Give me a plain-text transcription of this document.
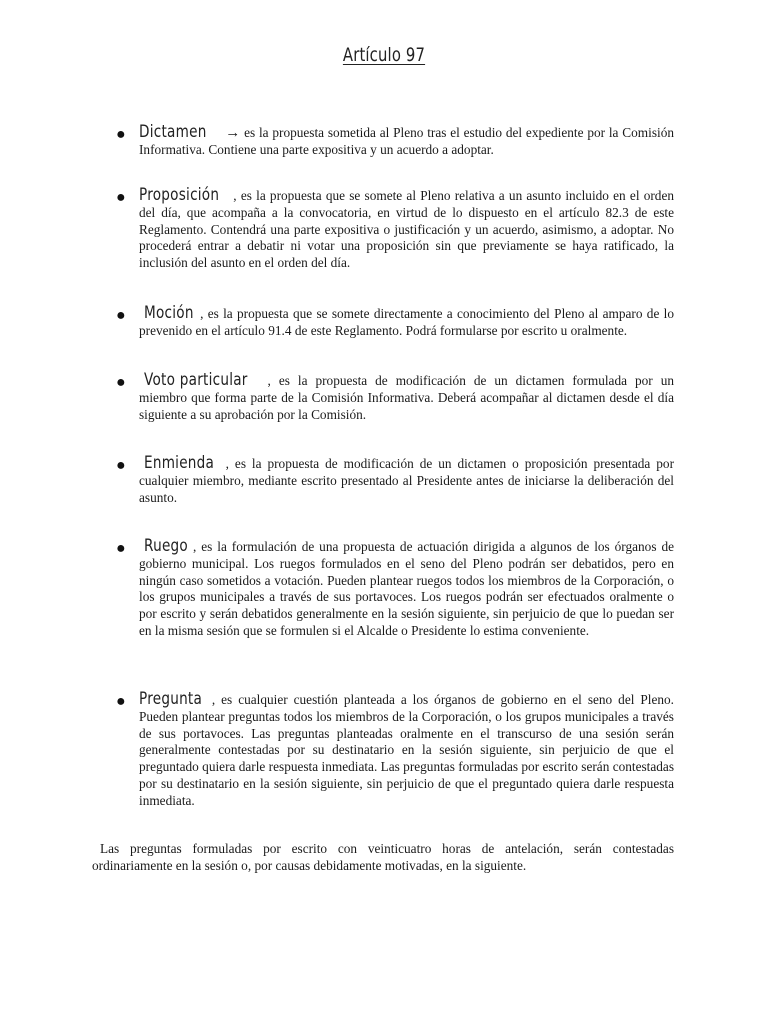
Artículo 97
● Dictamen → es la propuesta sometida al Pleno tras el estudio del expediente por la Comisión Informativa. Contiene una parte expositiva y un acuerdo a adoptar.
● Proposición , es la propuesta que se somete al Pleno relativa a un asunto incluido en el orden del día, que acompaña a la convocatoria, en virtud de lo dispuesto en el artículo 82.3 de este Reglamento. Contendrá una parte expositiva o justificación y un acuerdo, asimismo, a adoptar. No procederá entrar a debatir ni votar una proposición sin que previamente se haya ratificado, la inclusión del asunto en el orden del día.
● Moción , es la propuesta que se somete directamente a conocimiento del Pleno al amparo de lo prevenido en el artículo 91.4 de este Reglamento. Podrá formularse por escrito u oralmente.
● Voto particular , es la propuesta de modificación de un dictamen formulada por un miembro que forma parte de la Comisión Informativa. Deberá acompañar al dictamen desde el día siguiente a su aprobación por la Comisión.
● Enmienda , es la propuesta de modificación de un dictamen o proposición presentada por cualquier miembro, mediante escrito presentado al Presidente antes de iniciarse la deliberación del asunto.
● Ruego , es la formulación de una propuesta de actuación dirigida a algunos de los órganos de gobierno municipal. Los ruegos formulados en el seno del Pleno podrán ser debatidos, pero en ningún caso sometidos a votación. Pueden plantear ruegos todos los miembros de la Corporación, o los grupos municipales a través de sus portavoces. Los ruegos podrán ser efectuados oralmente o por escrito y serán debatidos generalmente en la sesión siguiente, sin perjuicio de que lo puedan ser en la misma sesión que se formulen si el Alcalde o Presidente lo estima conveniente.
● Pregunta , es cualquier cuestión planteada a los órganos de gobierno en el seno del Pleno. Pueden plantear preguntas todos los miembros de la Corporación, o los grupos municipales a través de sus portavoces. Las preguntas planteadas oralmente en el transcurso de una sesión serán generalmente contestadas por su destinatario en la sesión siguiente, sin perjuicio de que el preguntado quiera darle respuesta inmediata. Las preguntas formuladas por escrito serán contestadas por su destinatario en la sesión siguiente, sin perjuicio de que el preguntado quiera darle respuesta inmediata.
Las preguntas formuladas por escrito con veinticuatro horas de antelación, serán contestadas ordinariamente en la sesión o, por causas debidamente motivadas, en la siguiente.
